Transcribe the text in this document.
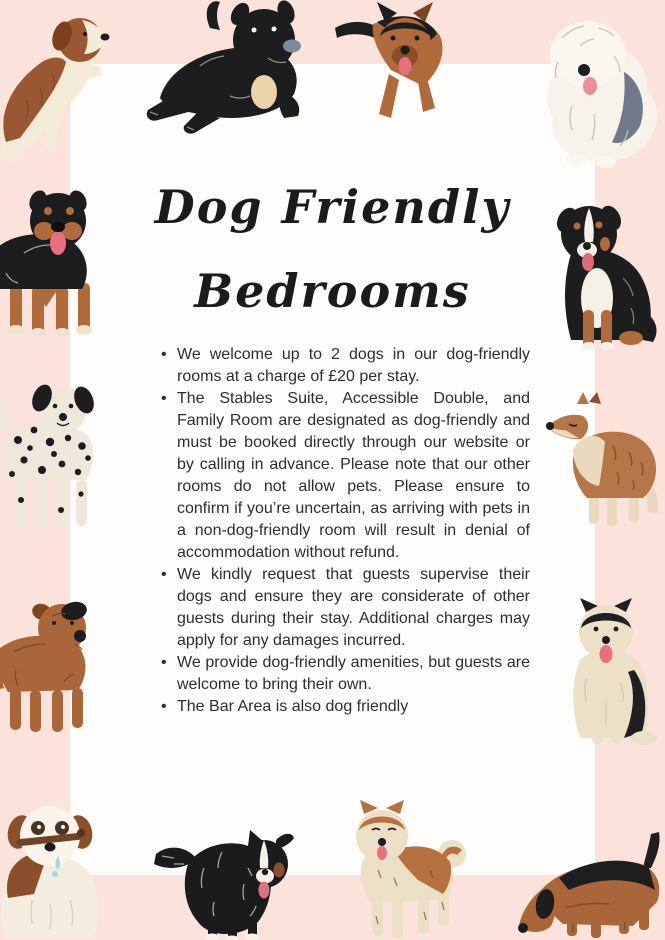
Dog Friendly
Bedrooms
• We welcome up to 2 dogs in our dog-friendly rooms at a charge of £20 per stay.
• The Stables Suite, Accessible Double, and Family Room are designated as dog-friendly and must be booked directly through our website or by calling in advance. Please note that our other rooms do not allow pets. Please ensure to confirm if you’re uncertain, as arriving with pets in a non-dog-friendly room will result in denial of accommodation without refund.
• We kindly request that guests supervise their dogs and ensure they are considerate of other guests during their stay. Additional charges may apply for any damages incurred.
• We provide dog-friendly amenities, but guests are welcome to bring their own.
• The Bar Area is also dog friendly
